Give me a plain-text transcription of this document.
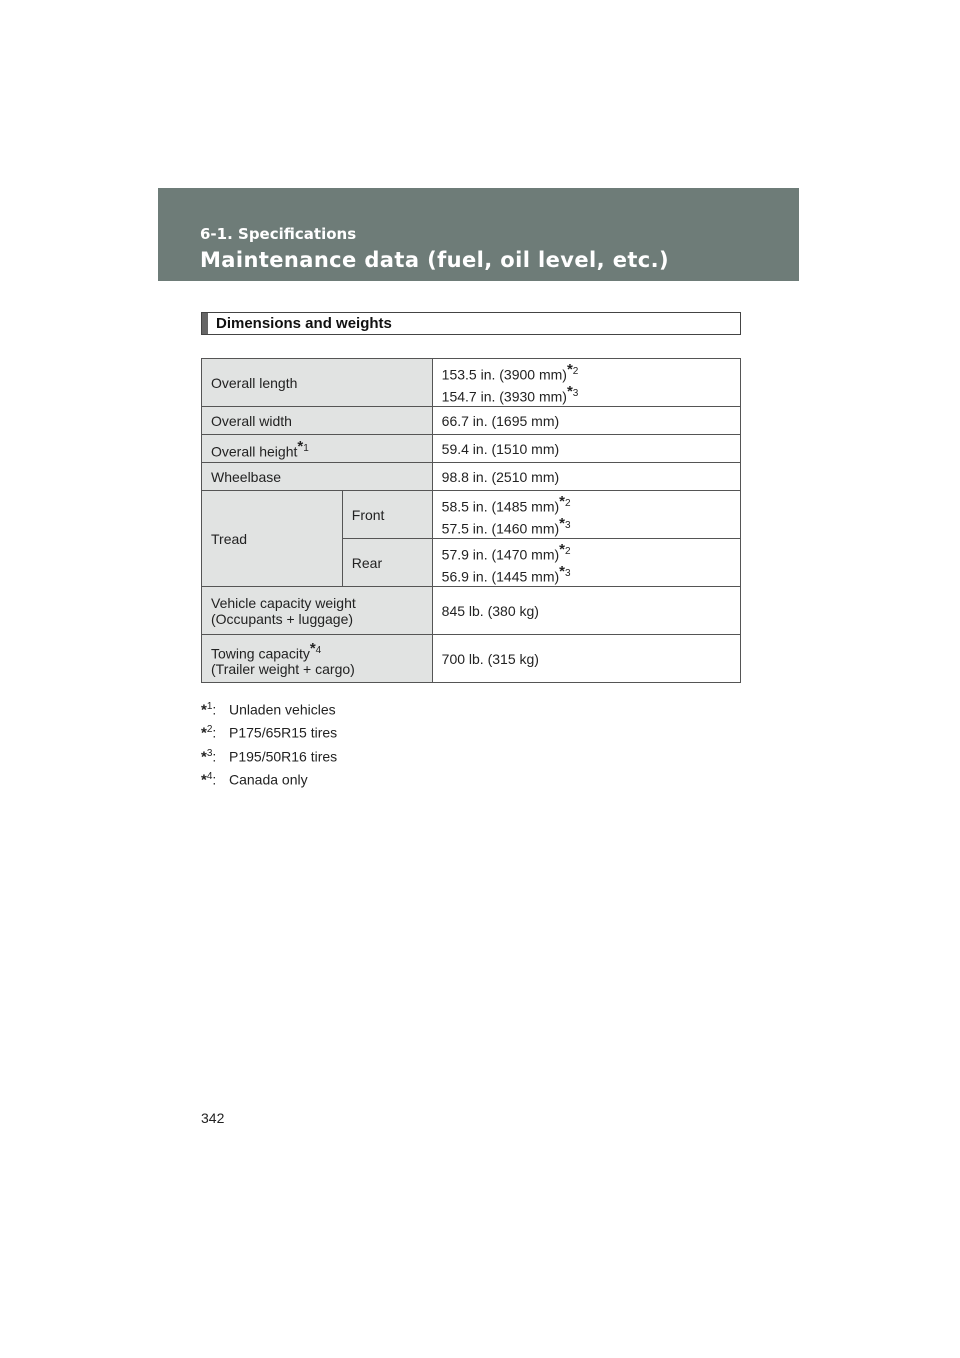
6-1. Specifications
Maintenance data (fuel, oil level, etc.)
Dimensions and weights
Overall length		153.5 in. (3900 mm)$^{*2}$
154.7 in. (3930 mm)$^{*3}$
Overall width		66.7 in. (1695 mm)
Overall height$^{*1}$		59.4 in. (1510 mm)
Wheelbase		98.8 in. (2510 mm)
Tread	Front	58.5 in. (1485 mm)$^{*2}$
57.5 in. (1460 mm)$^{*3}$
	Rear	57.9 in. (1470 mm)$^{*2}$
56.9 in. (1445 mm)$^{*3}$
Vehicle capacity weight
(Occupants + luggage)		845 lb. (380 kg)
Towing capacity$^{*4}$
(Trailer weight + cargo)		700 lb. (315 kg)
*$^1$: Unladen vehicles
*$^2$: P175/65R15 tires
*$^3$: P195/50R16 tires
*$^4$: Canada only
342
